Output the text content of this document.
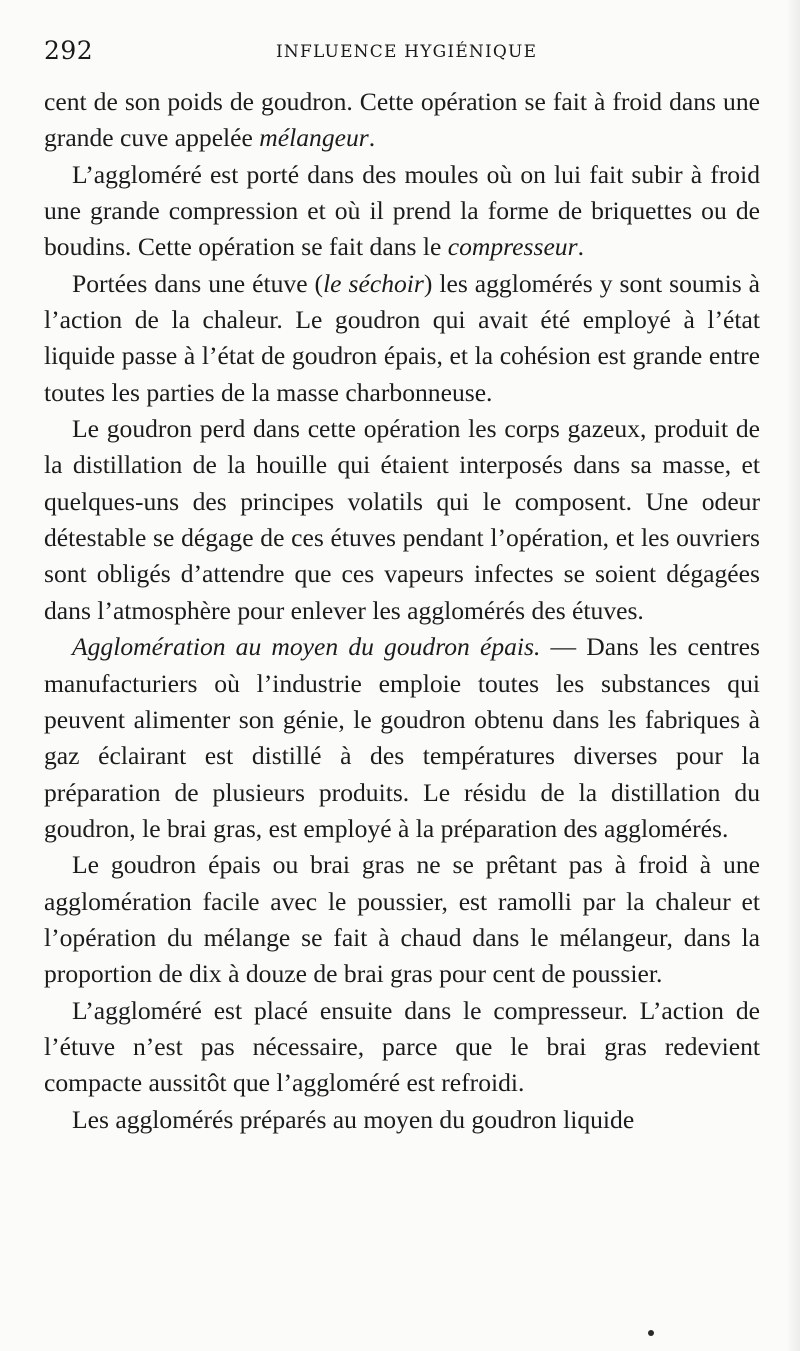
292	INFLUENCE HYGIÉNIQUE

cent de son poids de goudron. Cette opération se fait à froid dans une grande cuve appelée mélangeur.

L’aggloméré est porté dans des moules où on lui fait subir à froid une grande compression et où il prend la forme de briquettes ou de boudins. Cette opération se fait dans le compresseur.

Portées dans une étuve (le séchoir) les agglomérés y sont soumis à l’action de la chaleur. Le goudron qui avait été employé à l’état liquide passe à l’état de goudron épais, et la cohésion est grande entre toutes les parties de la masse charbonneuse.

Le goudron perd dans cette opération les corps gazeux, produit de la distillation de la houille qui étaient interposés dans sa masse, et quelques-uns des principes volatils qui le composent. Une odeur détestable se dégage de ces étuves pendant l’opération, et les ouvriers sont obligés d’attendre que ces vapeurs infectes se soient dégagées dans l’atmosphère pour enlever les agglomérés des étuves.

Agglomération au moyen du goudron épais. — Dans les centres manufacturiers où l’industrie emploie toutes les substances qui peuvent alimenter son génie, le goudron obtenu dans les fabriques à gaz éclairant est distillé à des températures diverses pour la préparation de plusieurs produits. Le résidu de la distillation du goudron, le brai gras, est employé à la préparation des agglomérés.

Le goudron épais ou brai gras ne se prêtant pas à froid à une agglomération facile avec le poussier, est ramolli par la chaleur et l’opération du mélange se fait à chaud dans le mélangeur, dans la proportion de dix à douze de brai gras pour cent de poussier.

L’aggloméré est placé ensuite dans le compresseur. L’action de l’étuve n’est pas nécessaire, parce que le brai gras redevient compacte aussitôt que l’aggloméré est refroidi.

Les agglomérés préparés au moyen du goudron liquide
